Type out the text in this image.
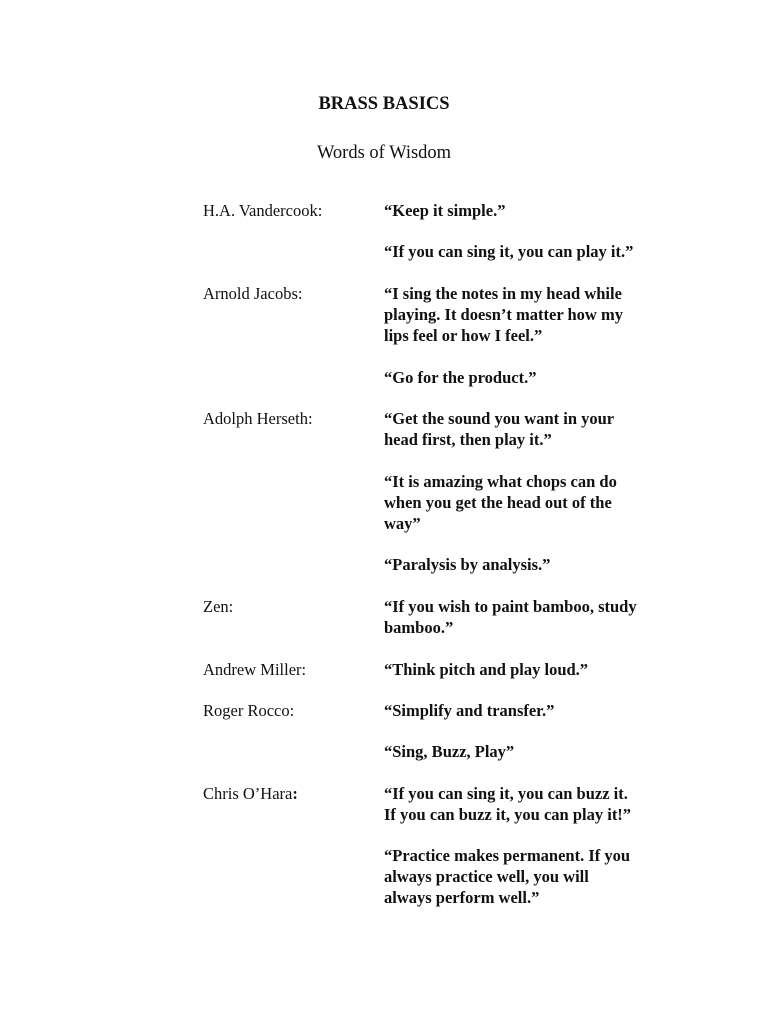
BRASS BASICS
Words of Wisdom
H.A. Vandercook:	“Keep it simple.”
“If you can sing it, you can play it.”
Arnold Jacobs:	“I sing the notes in my head while
playing. It doesn’t matter how my
lips feel or how I feel.”
“Go for the product.”
Adolph Herseth:	“Get the sound you want in your
head first, then play it.”
“It is amazing what chops can do
when you get the head out of the
way”
“Paralysis by analysis.”
Zen:	“If you wish to paint bamboo, study
bamboo.”
Andrew Miller:	“Think pitch and play loud.”
Roger Rocco:	“Simplify and transfer.”
“Sing, Buzz, Play”
Chris O’Hara:	“If you can sing it, you can buzz it.
If you can buzz it, you can play it!”
“Practice makes permanent. If you
always practice well, you will
always perform well.”
